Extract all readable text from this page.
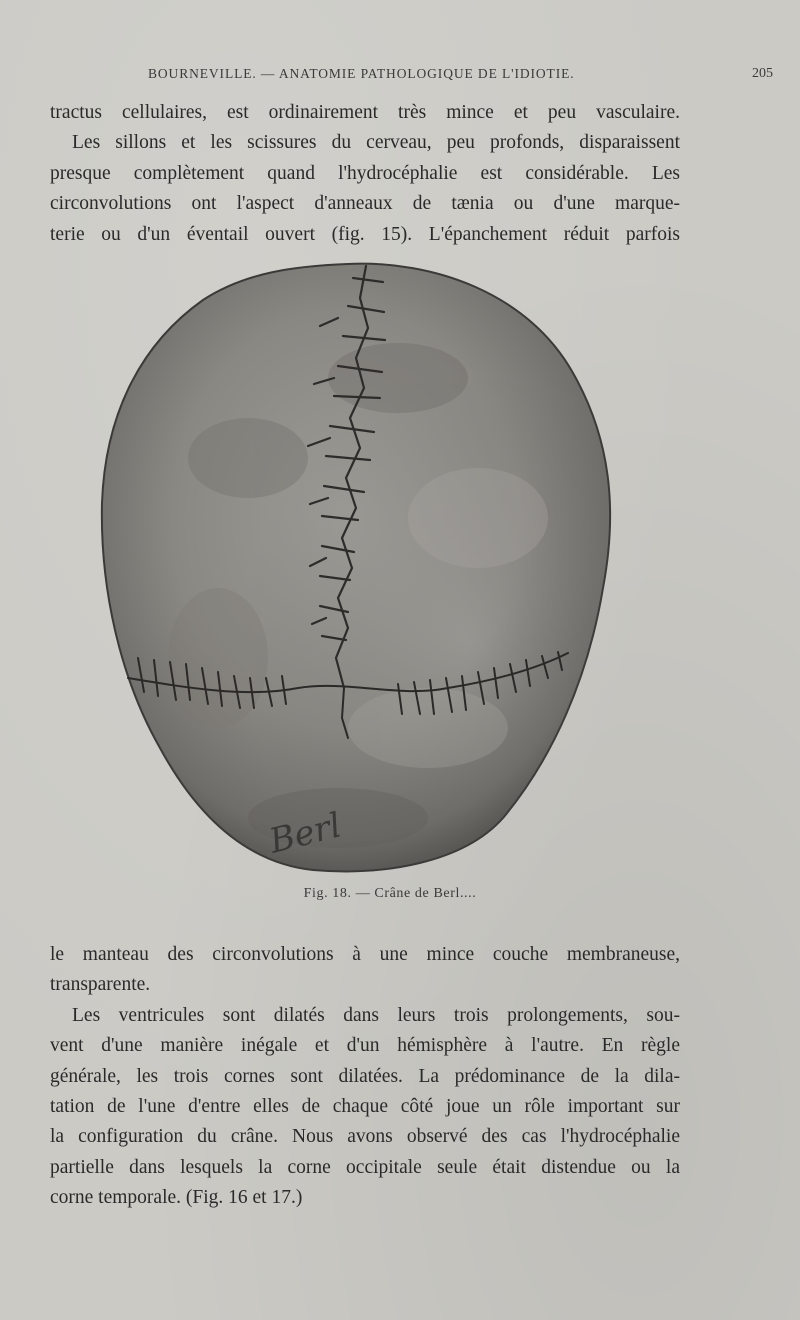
BOURNEVILLE. — ANATOMIE PATHOLOGIQUE DE L'IDIOTIE.	205
tractus cellulaires, est ordinairement très mince et peu vasculaire.
Les sillons et les scissures du cerveau, peu profonds, disparaissent
presque complètement quand l'hydrocéphalie est considérable. Les
circonvolutions ont l'aspect d'anneaux de tænia ou d'une marque-
terie ou d'un éventail ouvert (fig. 15). L'épanchement réduit parfois
Berl
Fig. 18. — Crâne de Berl....
le manteau des circonvolutions à une mince couche membraneuse,
transparente.
Les ventricules sont dilatés dans leurs trois prolongements, sou-
vent d'une manière inégale et d'un hémisphère à l'autre. En règle
générale, les trois cornes sont dilatées. La prédominance de la dila-
tation de l'une d'entre elles de chaque côté joue un rôle important sur
la configuration du crâne. Nous avons observé des cas l'hydrocéphalie
partielle dans lesquels la corne occipitale seule était distendue ou la
corne temporale. (Fig. 16 et 17.)
